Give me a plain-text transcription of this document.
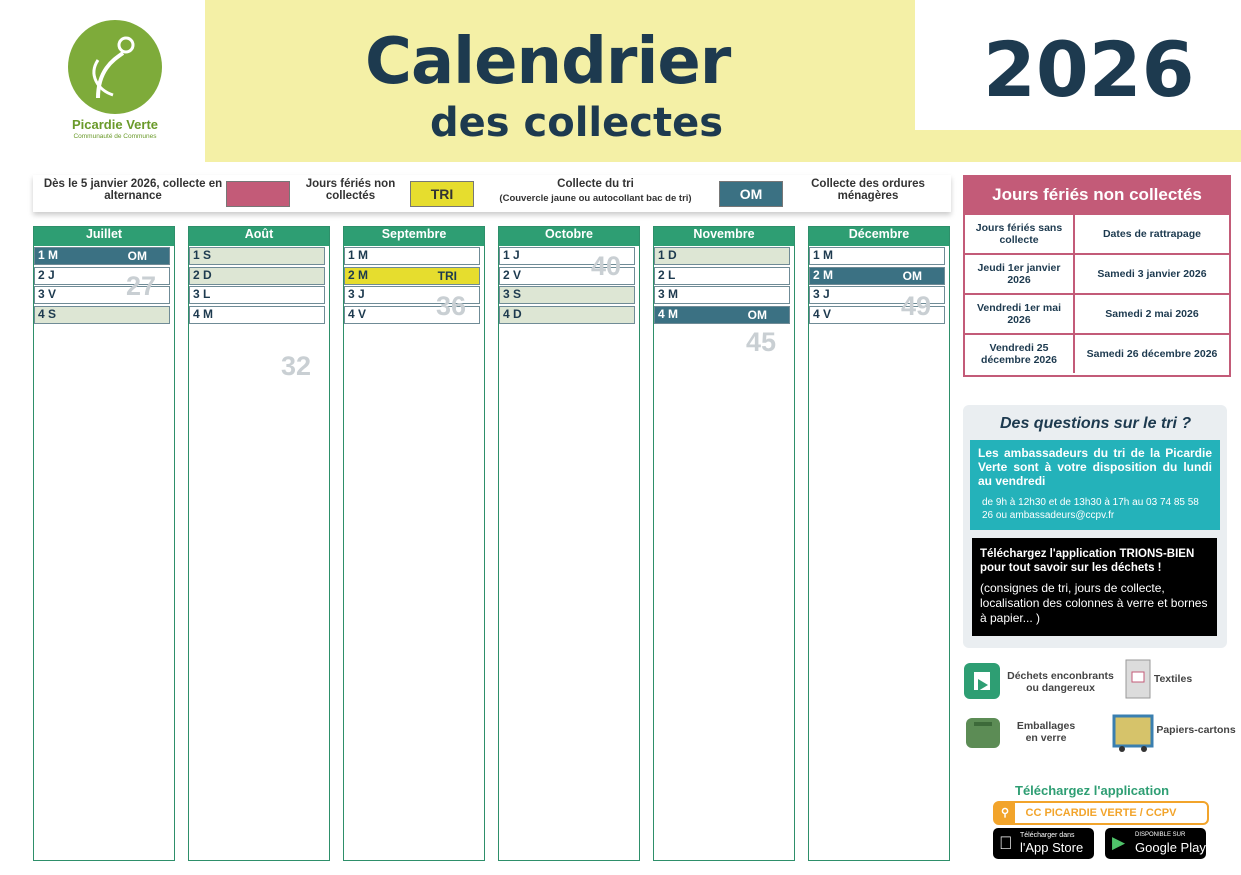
Picardie Verte
Communauté de Communes
Calendrier
des collectes
2026
Dès le 5 janvier 2026, collecte en alternance
Jours fériés non collectés	TRI
Collecte du tri
(Couvercle jaune ou autocollant bac de tri)	OM
Collecte des ordures ménagères
Juillet
1 M	OM
2 J
3 V
4 S
27
Août
1 S
2 D
3 L
4 M
32
Septembre
1 M
2 M	TRI
3 J
4 V	36
Octobre
1 J
2 V
3 S
4 D
40
Novembre
1 D
2 L
3 M
4 M	OM
45
Décembre
1 M
2 M	OM
3 J
4 V	49
Jours fériés non collectés
Jours fériés sans collecte	Dates de rattrapage
Jeudi 1er janvier 2026	Samedi 3 janvier 2026
Vendredi 1er mai 2026	Samedi 2 mai 2026
Vendredi 25 décembre 2026	Samedi 26 décembre 2026
Des questions sur le tri ?
Les ambassadeurs du tri de la Picardie Verte sont à votre disposition du lundi au vendredi
de 9h à 12h30 et de 13h30 à 17h au 03 74 85 58 26 ou ambassadeurs@ccpv.fr
Téléchargez l'application TRIONS-BIEN pour tout savoir sur les déchets !
(consignes de tri, jours de collecte, localisation des colonnes à verre et bornes à papier... )
Déchets enconbrants ou dangereux
Textiles
Emballages en verre
Papiers-cartons
Téléchargez l'application
⚲	CC PICARDIE VERTE / CCPV
Télécharger dans
l'App Store ▶ DISPONIBLE SUR
Google Play
